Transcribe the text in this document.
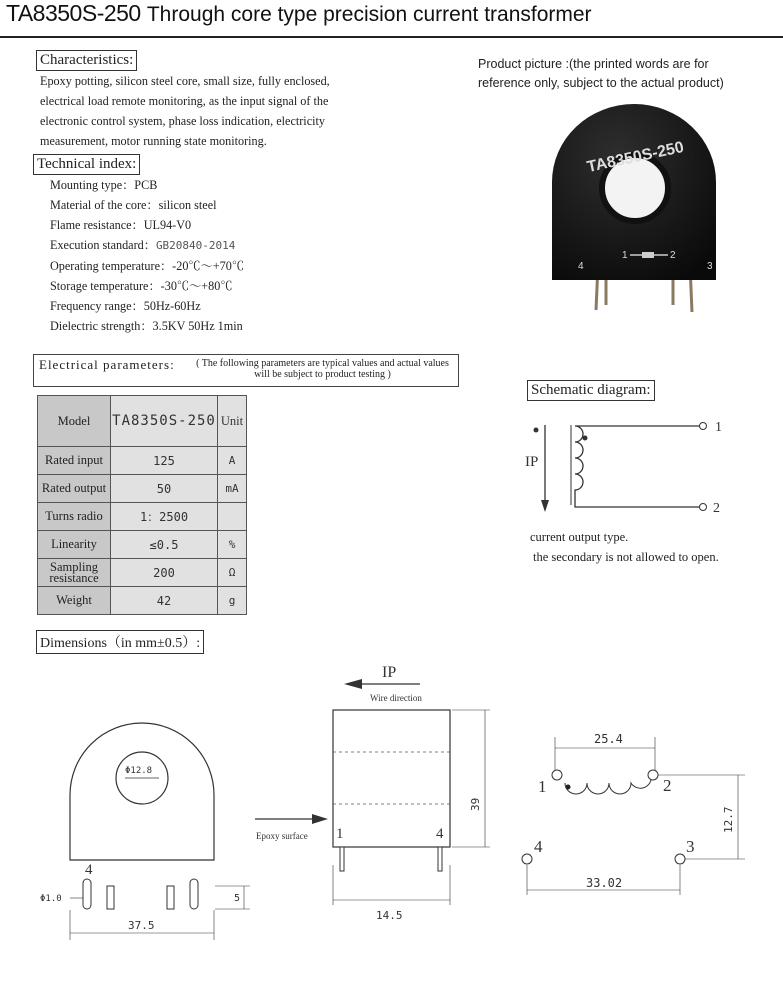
TA8350S-250 Through core type precision current transformer
Characteristics:
Epoxy potting, silicon steel core, small size, fully enclosed,
electrical load remote monitoring, as the input signal of the
electronic control system, phase loss indication, electricity
measurement, motor running state monitoring.
Technical index:
Mounting type：PCB
Material of the core：silicon steel
Flame resistance：UL94-V0
Execution standard：GB20840-2014
Operating temperature：-20℃～+70℃
Storage temperature：-30℃～+80℃
Frequency range：50Hz-60Hz
Dielectric strength：3.5KV 50Hz 1min
Product picture :(the printed words are for
reference only, subject to the actual product)
TA8350S-250
1	2
4	3
Electrical parameters:	( The following parameters are typical values and actual values
will be subject to product testing )
Model	TA8350S-250	Unit
Rated input	125	A
Rated output	50	mA
Turns radio	1：2500	
Linearity	≤0.5	%

Sampling
resistance	200	Ω
Weight	42	g
Schematic diagram:
IP
1
2
current output type.
the secondary is not allowed to open.
Dimensions（in mm±0.5）:
Φ12.8
4
Φ1.0	5
37.5
Epoxy surface
IP
Wire direction
1	4
39
14.5
25.4
1	2
12.7
4	3
33.02
